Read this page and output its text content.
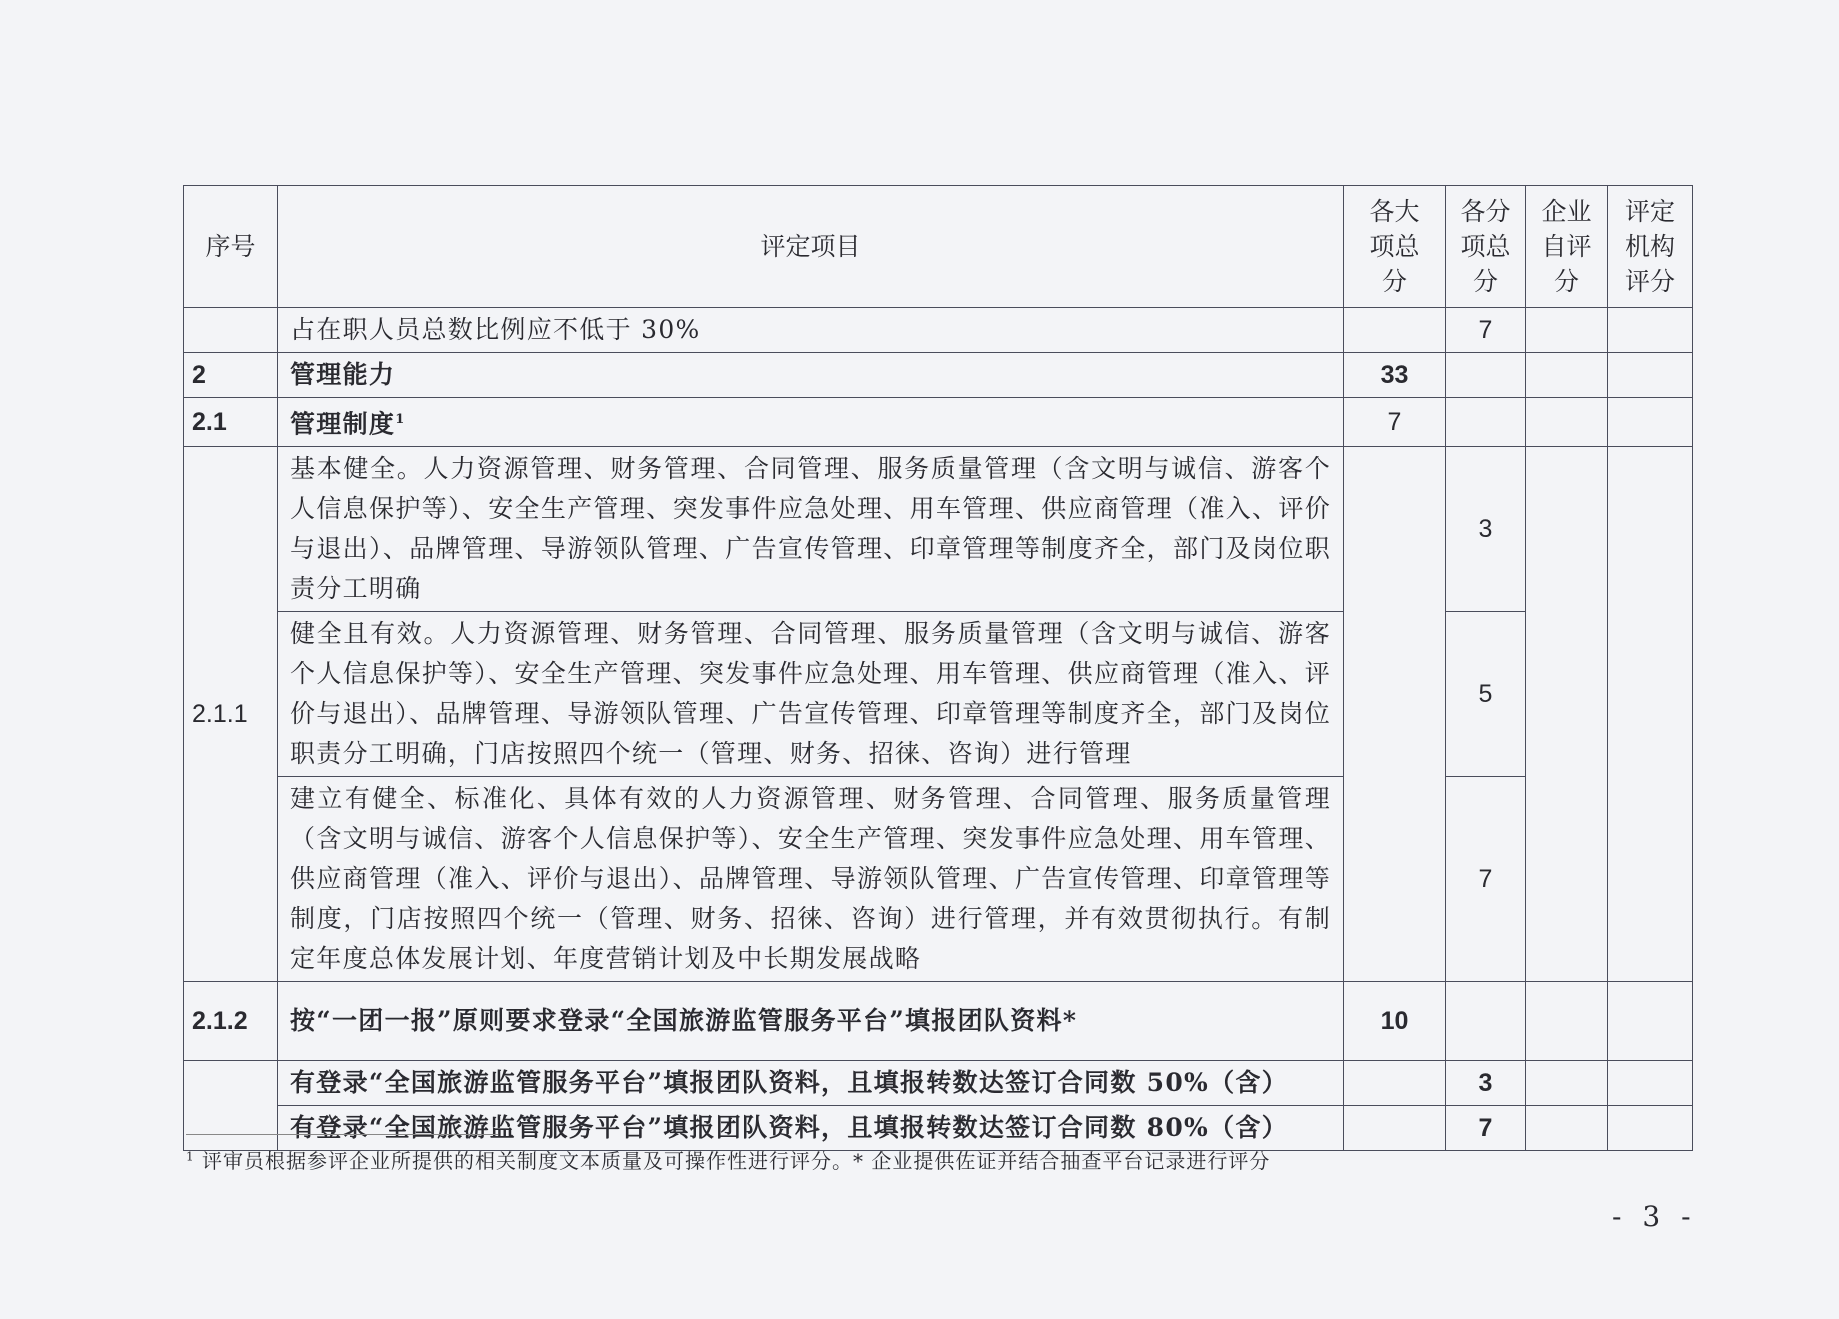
序号	评定项目	各大项总分	各分项总分	企业自评分	评定机构评分
	占在职人员总数比例应不低于 30%		7		
2	管理能力	33			
2.1	管理制度$^1$	7			
2.1.1	基本健全。人力资源管理、财务管理、合同管理、服务质量管理（含文明与诚信、游客个人信息保护等）、安全生产管理、突发事件应急处理、用车管理、供应商管理（准入、评价与退出）、品牌管理、导游领队管理、广告宣传管理、印章管理等制度齐全，部门及岗位职责分工明确		3		
	健全且有效。人力资源管理、财务管理、合同管理、服务质量管理（含文明与诚信、游客个人信息保护等）、安全生产管理、突发事件应急处理、用车管理、供应商管理（准入、评价与退出）、品牌管理、导游领队管理、广告宣传管理、印章管理等制度齐全，部门及岗位职责分工明确，门店按照四个统一（管理、财务、招徕、咨询）进行管理		5		
	建立有健全、标准化、具体有效的人力资源管理、财务管理、合同管理、服务质量管理（含文明与诚信、游客个人信息保护等）、安全生产管理、突发事件应急处理、用车管理、供应商管理（准入、评价与退出）、品牌管理、导游领队管理、广告宣传管理、印章管理等制度，门店按照四个统一（管理、财务、招徕、咨询）进行管理，并有效贯彻执行。有制定年度总体发展计划、年度营销计划及中长期发展战略		7		
2.1.2	按“一团一报”原则要求登录“全国旅游监管服务平台”填报团队资料*	10			
	有登录“全国旅游监管服务平台”填报团队资料，且填报转数达签订合同数 50%（含）		3		
	有登录“全国旅游监管服务平台”填报团队资料，且填报转数达签订合同数 80%（含）		7		
$^1$ 评审员根据参评企业所提供的相关制度文本质量及可操作性进行评分。* 企业提供佐证并结合抽查平台记录进行评分
- 3 -
